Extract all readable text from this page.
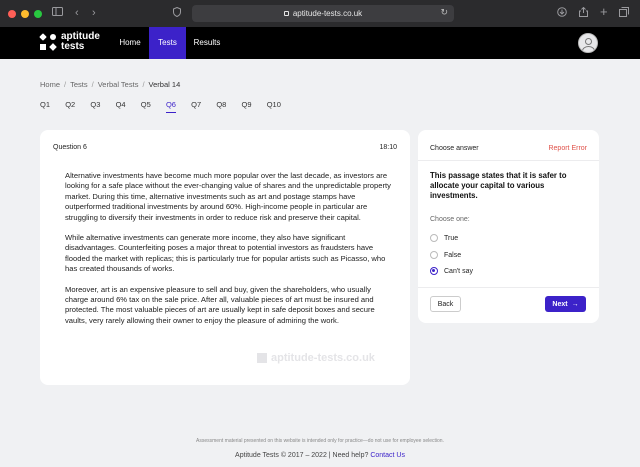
‹ ›	aptitude-tests.co.uk	↻	+
aptitude
tests	Home	Tests	Results
Home / Tests / Verbal Tests / Verbal 14
Q1	Q2	Q3	Q4	Q5	Q6	Q7	Q8	Q9	Q10
Question 6	18:10

Alternative investments have become much more popular over the last decade, as investors are looking for a safe place without the ever-changing value of shares and the unpredictable property market. During this time, alternative investments such as art and postage stamps have outperformed traditional investments by around 60%. High-income people in particular are struggling to diversify their investments in order to reduce risk and preserve their capital.

While alternative investments can generate more income, they also have significant disadvantages. Counterfeiting poses a major threat to potential investors as fraudsters have flooded the market with replicas; this is particularly true for popular artists such as Picasso, who has created thousands of works.

Moreover, art is an expensive pleasure to sell and buy, given the shareholders, who usually charge around 6% tax on the sale price. After all, valuable pieces of art must be insured and protected. The most valuable pieces of art are usually kept in safe deposit boxes and secure vaults, very rarely allowing their owner to enjoy the pleasure of admiring the work.

aptitude-tests.co.uk
Choose answer	Report Error
This passage states that it is safer to allocate your capital to various investments.
Choose one:
True
False
Can't say
Back	Next →
Assessment material presented on this website is intended only for practice—do not use for employee selection.
Aptitude Tests © 2017 – 2022 | Need help? Contact Us
